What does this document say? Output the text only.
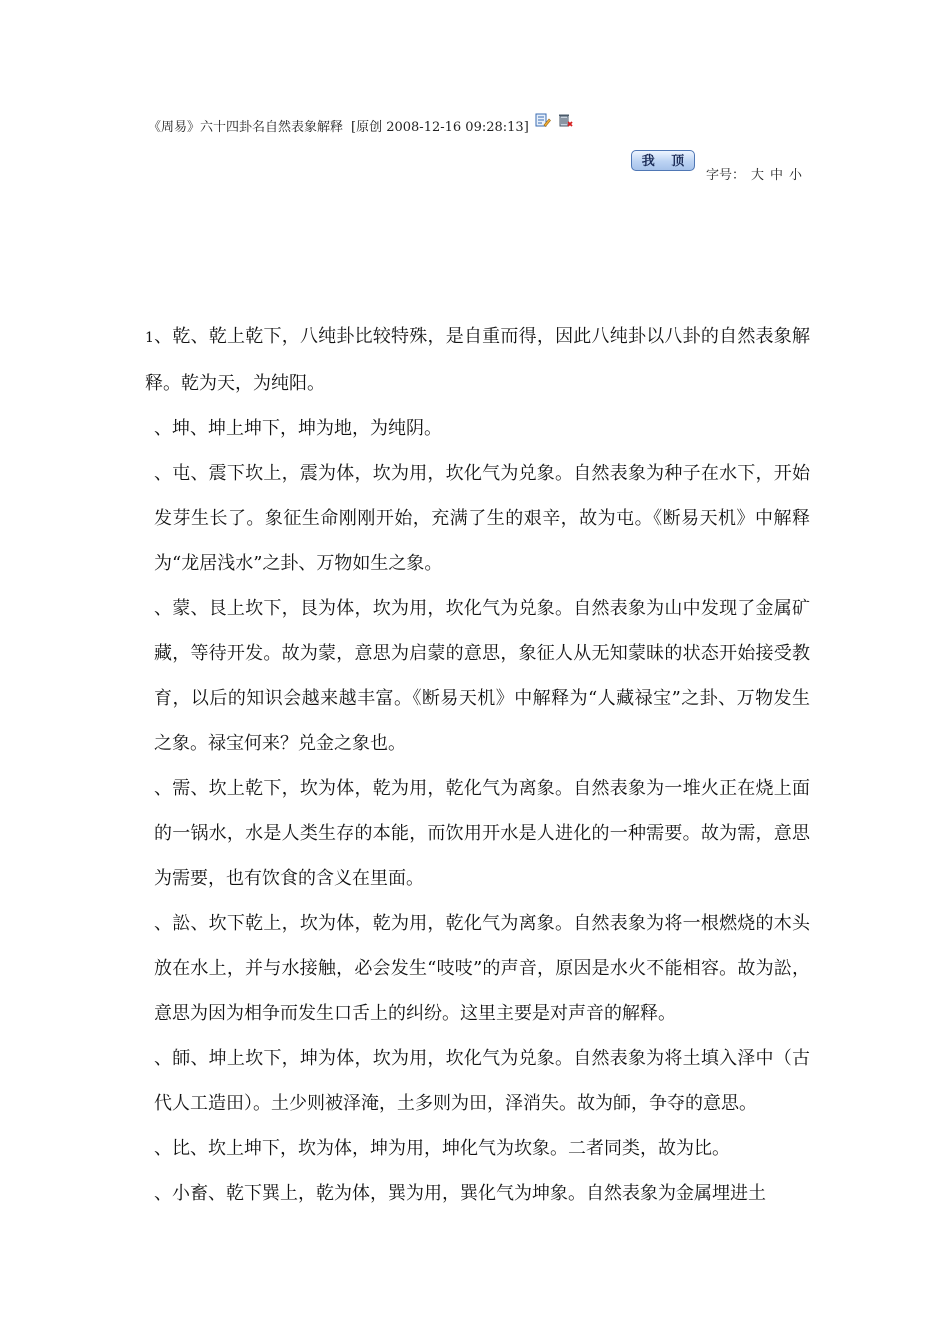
《周易》六十四卦名自然表象解释 [原创 2008-12-16 09:28:13]
我 顶
字号： 大 中 小

1、乾、乾上乾下，八纯卦比较特殊，是自重而得，因此八纯卦以八卦的自然表象解释。乾为天，为纯阳。

、坤、坤上坤下，坤为地，为纯阴。

、屯、震下坎上，震为体，坎为用，坎化气为兑象。自然表象为种子在水下，开始发芽生长了。象征生命刚刚开始，充满了生的艰辛，故为屯。《断易天机》中解释为“龙居浅水”之卦、万物如生之象。

、蒙、艮上坎下，艮为体，坎为用，坎化气为兑象。自然表象为山中发现了金属矿藏，等待开发。故为蒙，意思为启蒙的意思，象征人从无知蒙昧的状态开始接受教育，以后的知识会越来越丰富。《断易天机》中解释为“人藏禄宝”之卦、万物发生之象。禄宝何来？兑金之象也。

、需、坎上乾下，坎为体，乾为用，乾化气为离象。自然表象为一堆火正在烧上面的一锅水，水是人类生存的本能，而饮用开水是人进化的一种需要。故为需，意思为需要，也有饮食的含义在里面。

、訟、坎下乾上，坎为体，乾为用，乾化气为离象。自然表象为将一根燃烧的木头放在水上，并与水接触，必会发生“吱吱”的声音，原因是水火不能相容。故为訟，意思为因为相争而发生口舌上的纠纷。这里主要是对声音的解释。

、師、坤上坎下，坤为体，坎为用，坎化气为兑象。自然表象为将土填入泽中（古代人工造田）。土少则被泽淹，土多则为田，泽消失。故为師，争夺的意思。

、比、坎上坤下，坎为体，坤为用，坤化气为坎象。二者同类，故为比。

、小畜、乾下巽上，乾为体，巽为用，巽化气为坤象。自然表象为金属埋进土
